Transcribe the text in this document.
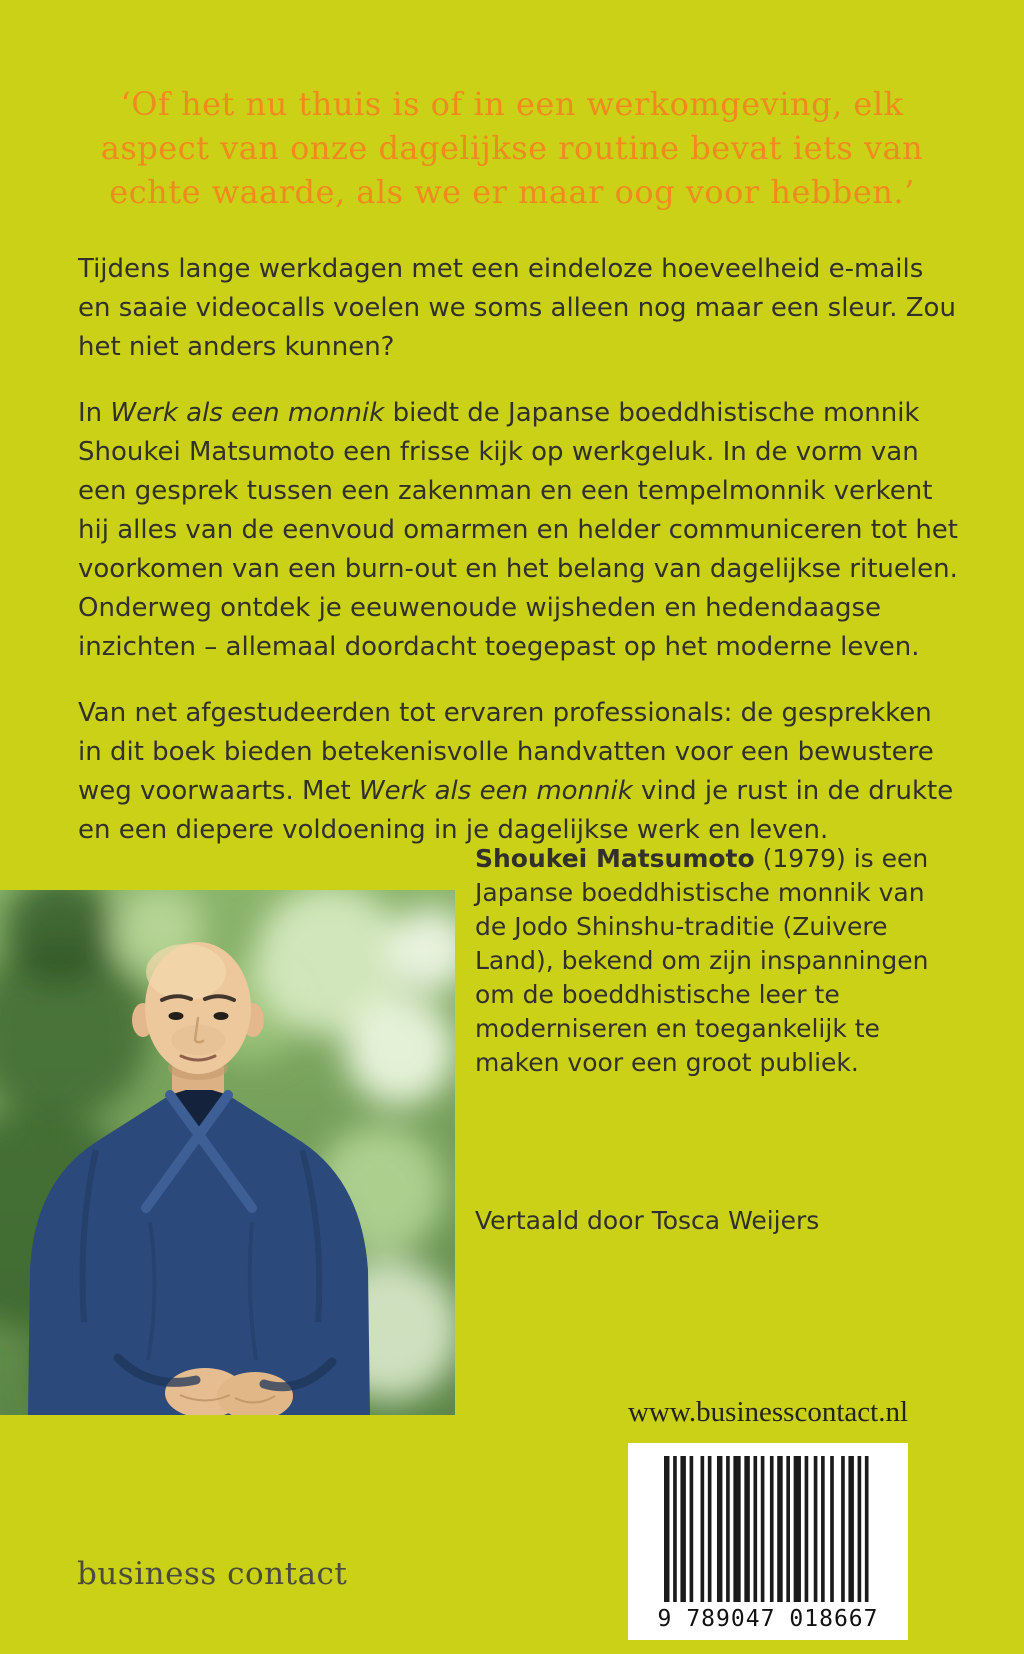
‘Of het nu thuis is of in een werkomgeving, elk
aspect van onze dagelijkse routine bevat iets van
echte waarde, als we er maar oog voor hebben.’

Tijdens lange werkdagen met een eindeloze hoeveelheid e-mails en saaie videocalls voelen we soms alleen nog maar een sleur. Zou het niet anders kunnen?

In Werk als een monnik biedt de Japanse boeddhistische monnik Shoukei Matsumoto een frisse kijk op werkgeluk. In de vorm van een gesprek tussen een zakenman en een tempelmonnik verkent hij alles van de eenvoud omarmen en helder communiceren tot het voorkomen van een burn-out en het belang van dagelijkse rituelen. Onderweg ontdek je eeuwenoude wijsheden en hedendaagse inzichten – allemaal doordacht toegepast op het moderne leven.

Van net afgestudeerden tot ervaren professionals: de gesprekken in dit boek bieden betekenisvolle handvatten voor een bewustere weg voorwaarts. Met Werk als een monnik vind je rust in de drukte en een diepere voldoening in je dagelijkse werk en leven.

Shoukei Matsumoto (1979) is een Japanse boeddhistische monnik van de Jodo Shinshu-traditie (Zuivere Land), bekend om zijn inspanningen om de boeddhistische leer te moderniseren en toegankelijk te maken voor een groot publiek.
Vertaald door Tosca Weijers
www.businesscontact.nl
9 789047 018667
business contact
